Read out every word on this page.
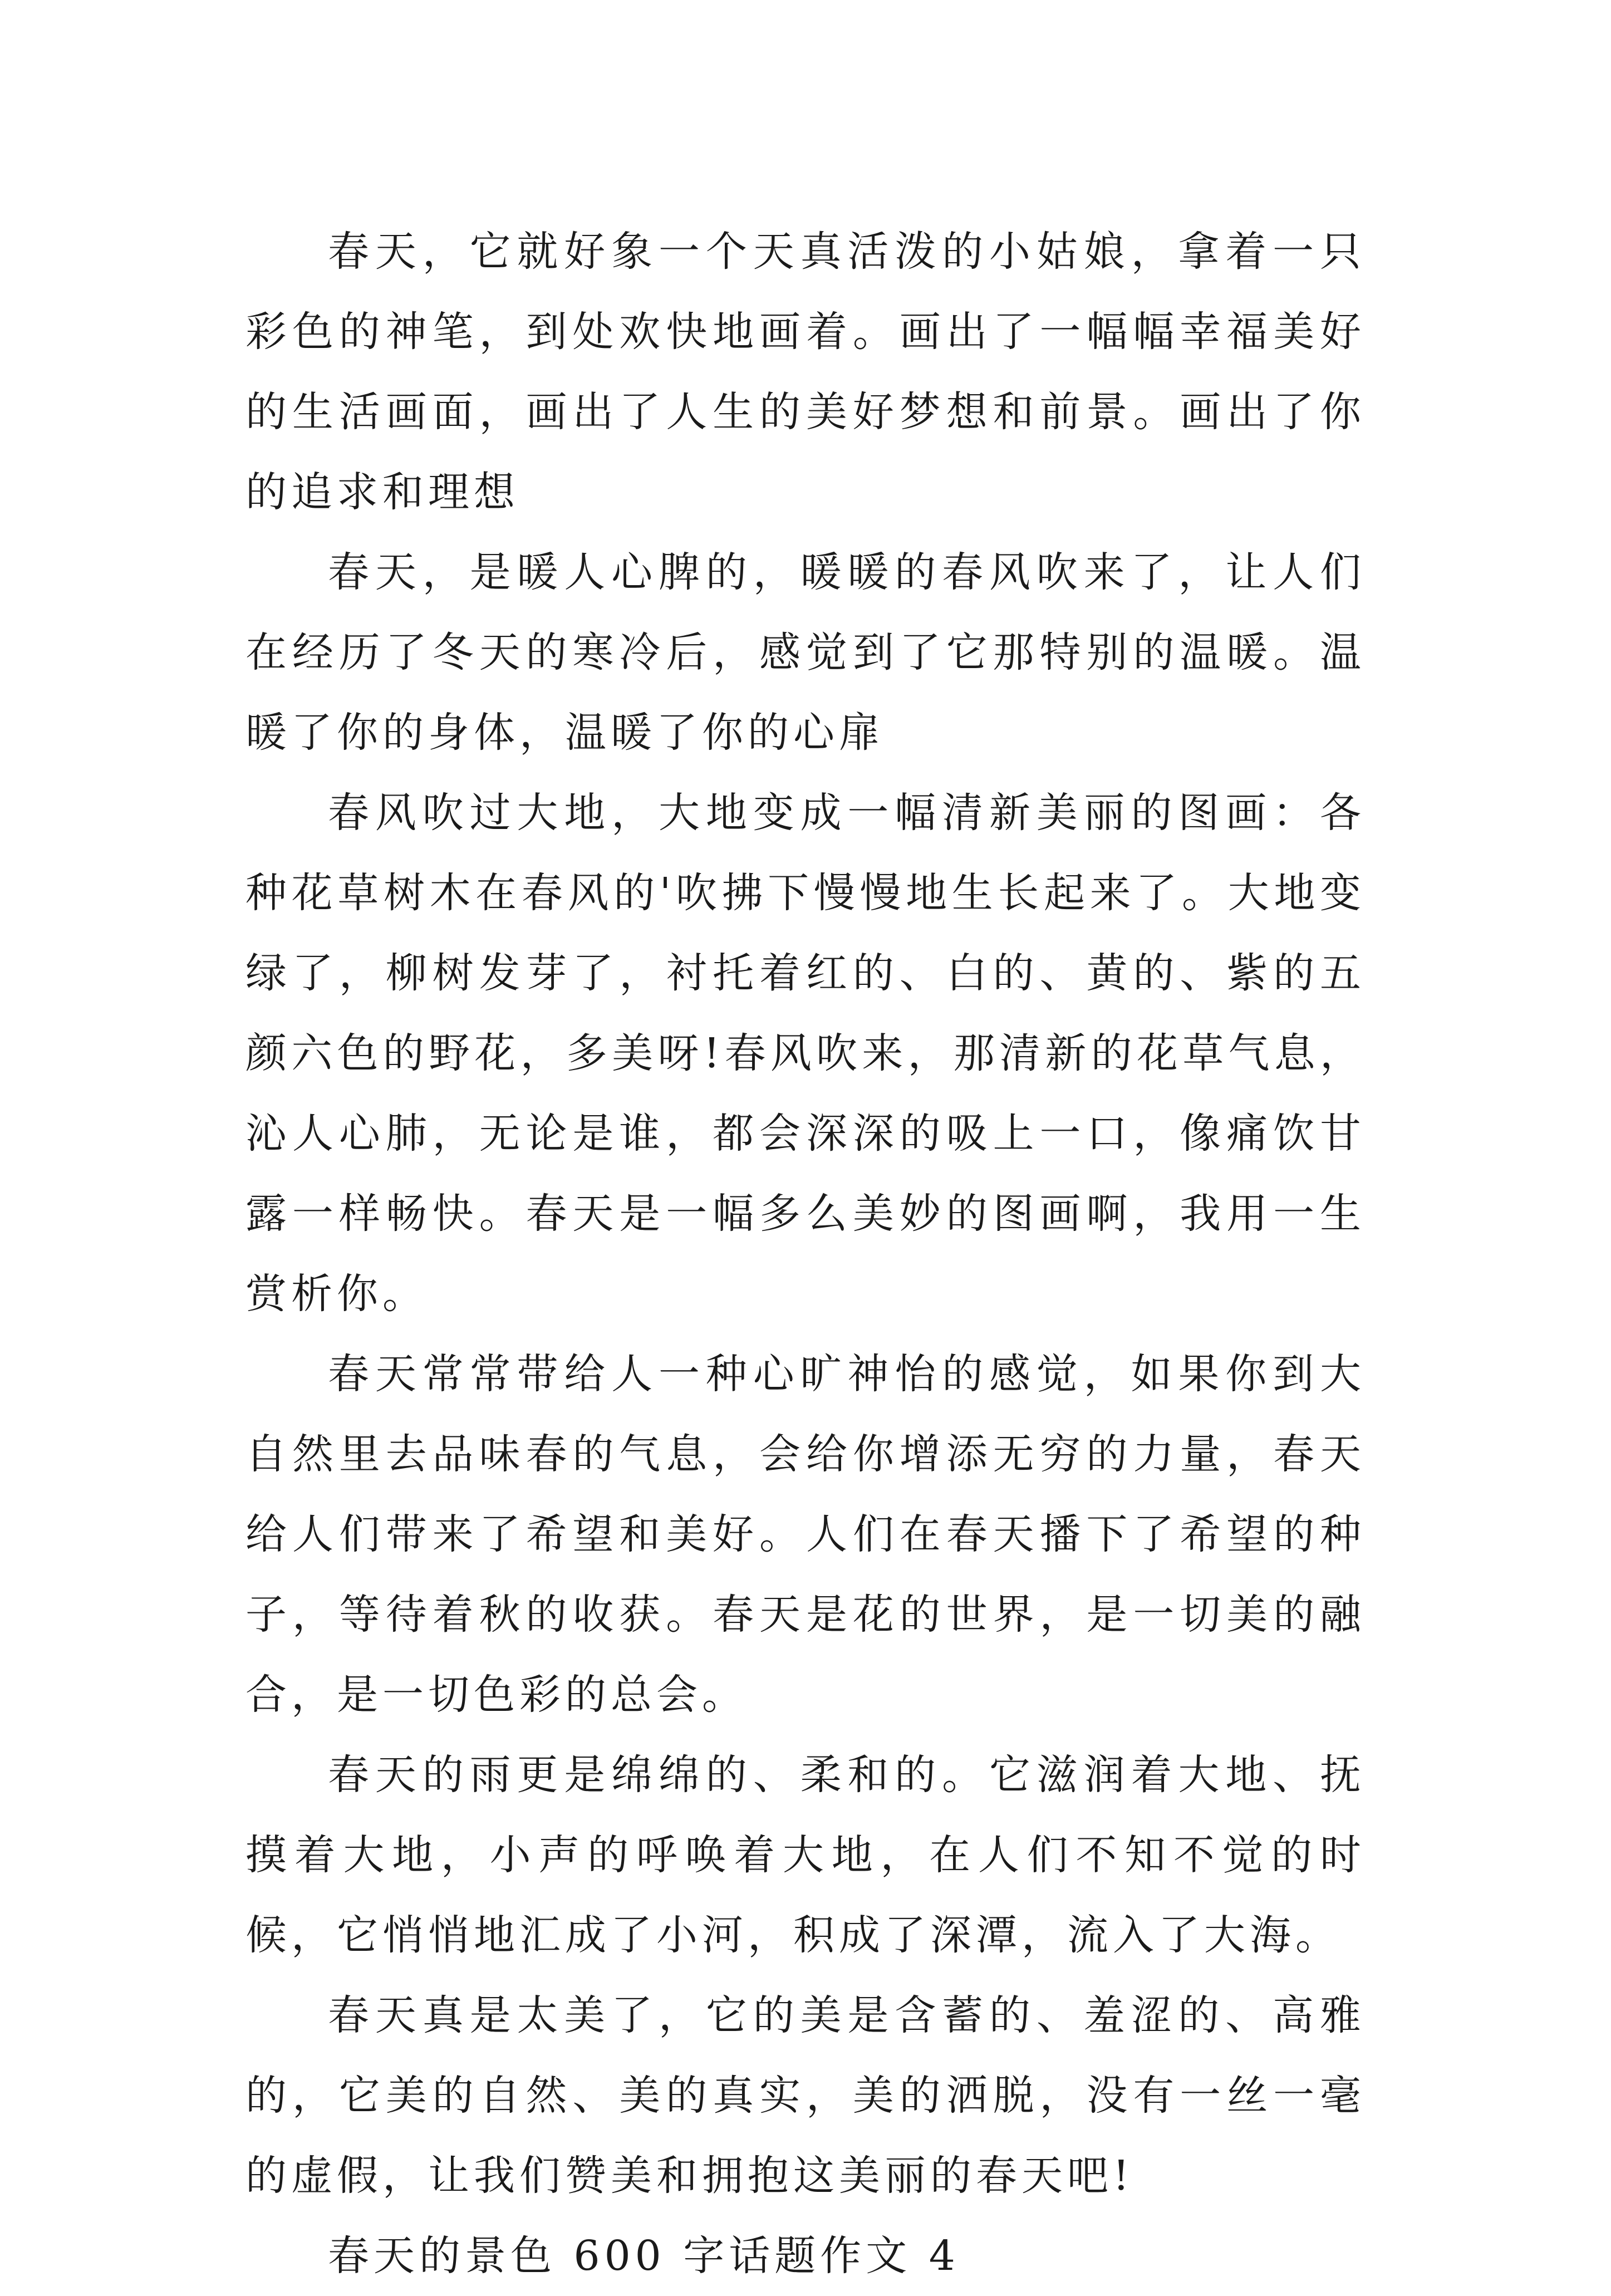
春天，它就好象一个天真活泼的小姑娘，拿着一只彩色的神笔，到处欢快地画着。画出了一幅幅幸福美好的生活画面，画出了人生的美好梦想和前景。画出了你的追求和理想

春天，是暖人心脾的，暖暖的春风吹来了，让人们在经历了冬天的寒冷后，感觉到了它那特别的温暖。温暖了你的身体，温暖了你的心扉

春风吹过大地，大地变成一幅清新美丽的图画：各种花草树木在春风的'吹拂下慢慢地生长起来了。大地变绿了，柳树发芽了，衬托着红的、白的、黄的、紫的五颜六色的野花，多美呀!春风吹来，那清新的花草气息，沁人心肺，无论是谁，都会深深的吸上一口，像痛饮甘露一样畅快。春天是一幅多么美妙的图画啊，我用一生赏析你。

春天常常带给人一种心旷神怡的感觉，如果你到大自然里去品味春的气息，会给你增添无穷的力量，春天给人们带来了希望和美好。人们在春天播下了希望的种子，等待着秋的收获。春天是花的世界，是一切美的融合，是一切色彩的总会。

春天的雨更是绵绵的、柔和的。它滋润着大地、抚摸着大地，小声的呼唤着大地，在人们不知不觉的时候，它悄悄地汇成了小河，积成了深潭，流入了大海。

春天真是太美了，它的美是含蓄的、羞涩的、高雅的，它美的自然、美的真实，美的洒脱，没有一丝一毫的虚假，让我们赞美和拥抱这美丽的春天吧!

春天的景色 600 字话题作文 4
